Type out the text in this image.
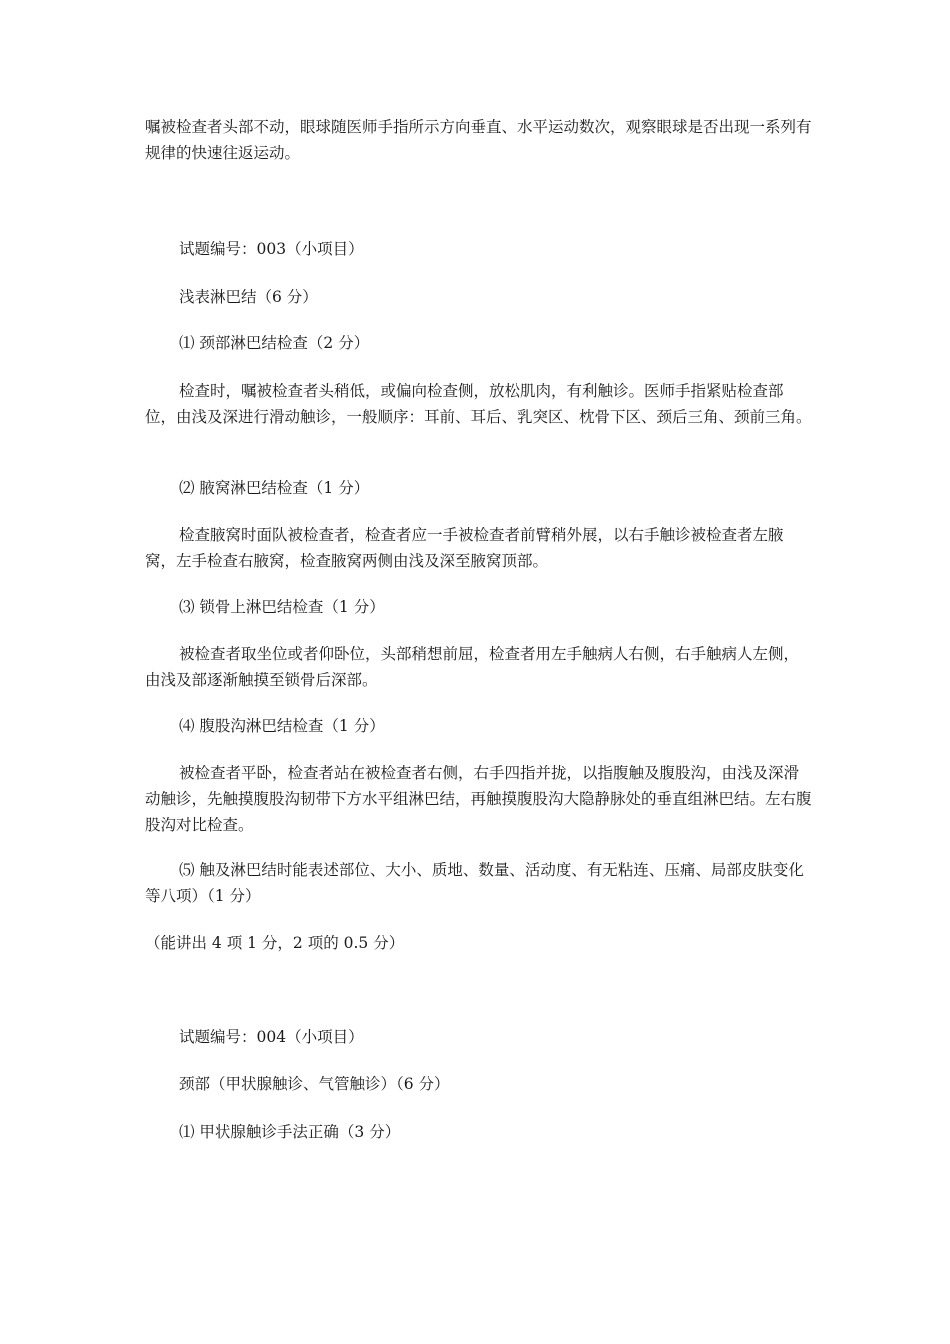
嘱被检查者头部不动，眼球随医师手指所示方向垂直、水平运动数次，观察眼球是否出现一系列有规律的快速往返运动。

试题编号：003（小项目）

浅表淋巴结（6 分）

⑴ 颈部淋巴结检查（2 分）

检查时，嘱被检查者头稍低，或偏向检查侧，放松肌肉，有利触诊。医师手指紧贴检查部位，由浅及深进行滑动触诊，一般顺序：耳前、耳后、乳突区、枕骨下区、颈后三角、颈前三角。

⑵ 腋窝淋巴结检查（1 分）

检查腋窝时面队被检查者，检查者应一手被检查者前臂稍外展，以右手触诊被检查者左腋窝，左手检查右腋窝，检查腋窝两侧由浅及深至腋窝顶部。

⑶ 锁骨上淋巴结检查（1 分）

被检查者取坐位或者仰卧位，头部稍想前屈，检查者用左手触病人右侧，右手触病人左侧，由浅及部逐渐触摸至锁骨后深部。

⑷ 腹股沟淋巴结检查（1 分）

被检查者平卧，检查者站在被检查者右侧，右手四指并拢，以指腹触及腹股沟，由浅及深滑动触诊，先触摸腹股沟韧带下方水平组淋巴结，再触摸腹股沟大隐静脉处的垂直组淋巴结。左右腹股沟对比检查。

⑸ 触及淋巴结时能表述部位、大小、质地、数量、活动度、有无粘连、压痛、局部皮肤变化等八项）（1 分）

（能讲出 4 项 1 分，2 项的 0.5 分）

试题编号：004（小项目）

颈部（甲状腺触诊、气管触诊）（6 分）

⑴ 甲状腺触诊手法正确（3 分）
